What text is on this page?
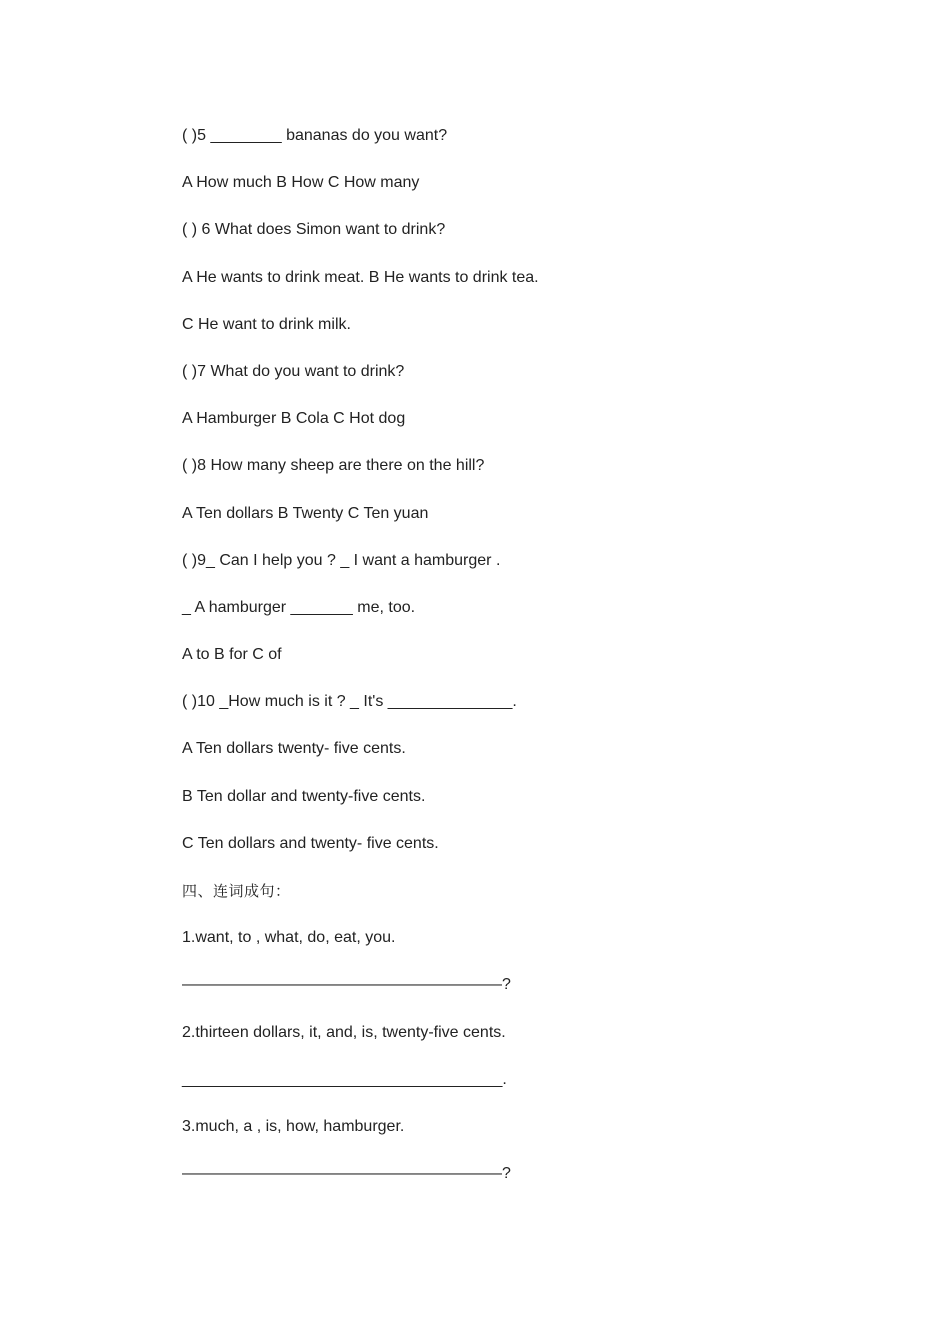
( )5 ________ bananas do you want?
A How much B How C How many
( ) 6 What does Simon want to drink?
A He wants to drink meat. B He wants to drink tea.
C He want to drink milk.
( )7 What do you want to drink?
A Hamburger B Cola C Hot dog
( )8 How many sheep are there on the hill?
A Ten dollars B Twenty C Ten yuan
( )9_ Can I help you ? _ I want a hamburger .
_ A hamburger _______ me, too.
A to B for C of
( )10 _How much is it ? _ It's ______________.
A Ten dollars twenty- five cents.
B Ten dollar and twenty-five cents.
C Ten dollars and twenty- five cents.
四、连词成句：
1.want, to , what, do, eat, you.
————————————————————?
2.thirteen dollars, it, and, is, twenty-five cents.
____________________________________.
3.much, a , is, how, hamburger.
————————————————————?
